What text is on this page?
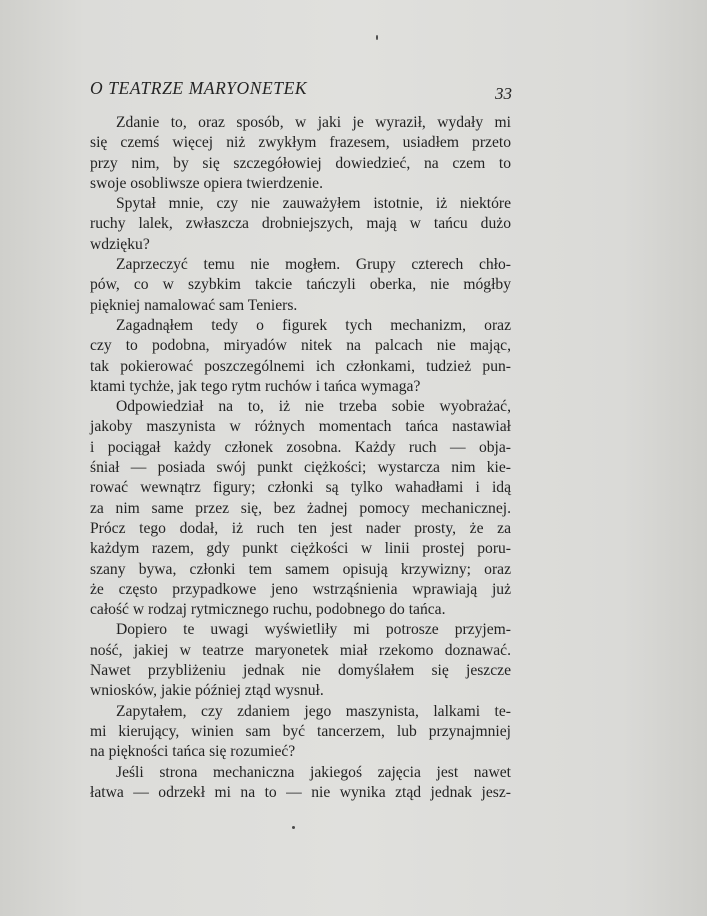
O TEATRZE MARYONETEK	33
Zdanie to, oraz sposób, w jaki je wyraził, wydały mi
się czemś więcej niż zwykłym frazesem, usiadłem przeto
przy nim, by się szczegółowiej dowiedzieć, na czem to
swoje osobliwsze opiera twierdzenie.
Spytał mnie, czy nie zauważyłem istotnie, iż niektóre
ruchy lalek, zwłaszcza drobniejszych, mają w tańcu dużo
wdzięku?
Zaprzeczyć temu nie mogłem. Grupy czterech chło-
pów, co w szybkim takcie tańczyli oberka, nie mógłby
piękniej namalować sam Teniers.
Zagadnąłem tedy o figurek tych mechanizm, oraz
czy to podobna, miryadów nitek na palcach nie mając,
tak pokierować poszczególnemi ich członkami, tudzież pun-
ktami tychże, jak tego rytm ruchów i tańca wymaga?
Odpowiedział na to, iż nie trzeba sobie wyobrażać,
jakoby maszynista w różnych momentach tańca nastawiał
i pociągał każdy członek zosobna. Każdy ruch — obja-
śniał — posiada swój punkt ciężkości; wystarcza nim kie-
rować wewnątrz figury; członki są tylko wahadłami i idą
za nim same przez się, bez żadnej pomocy mechanicznej.
Prócz tego dodał, iż ruch ten jest nader prosty, że za
każdym razem, gdy punkt ciężkości w linii prostej poru-
szany bywa, członki tem samem opisują krzywizny; oraz
że często przypadkowe jeno wstrząśnienia wprawiają już
całość w rodzaj rytmicznego ruchu, podobnego do tańca.
Dopiero te uwagi wyświetliły mi potrosze przyjem-
ność, jakiej w teatrze maryonetek miał rzekomo doznawać.
Nawet przybliżeniu jednak nie domyślałem się jeszcze
wniosków, jakie później ztąd wysnuł.
Zapytałem, czy zdaniem jego maszynista, lalkami te-
mi kierujący, winien sam być tancerzem, lub przynajmniej
na piękności tańca się rozumieć?
Jeśli strona mechaniczna jakiegoś zajęcia jest nawet
łatwa — odrzekł mi na to — nie wynika ztąd jednak jesz-
